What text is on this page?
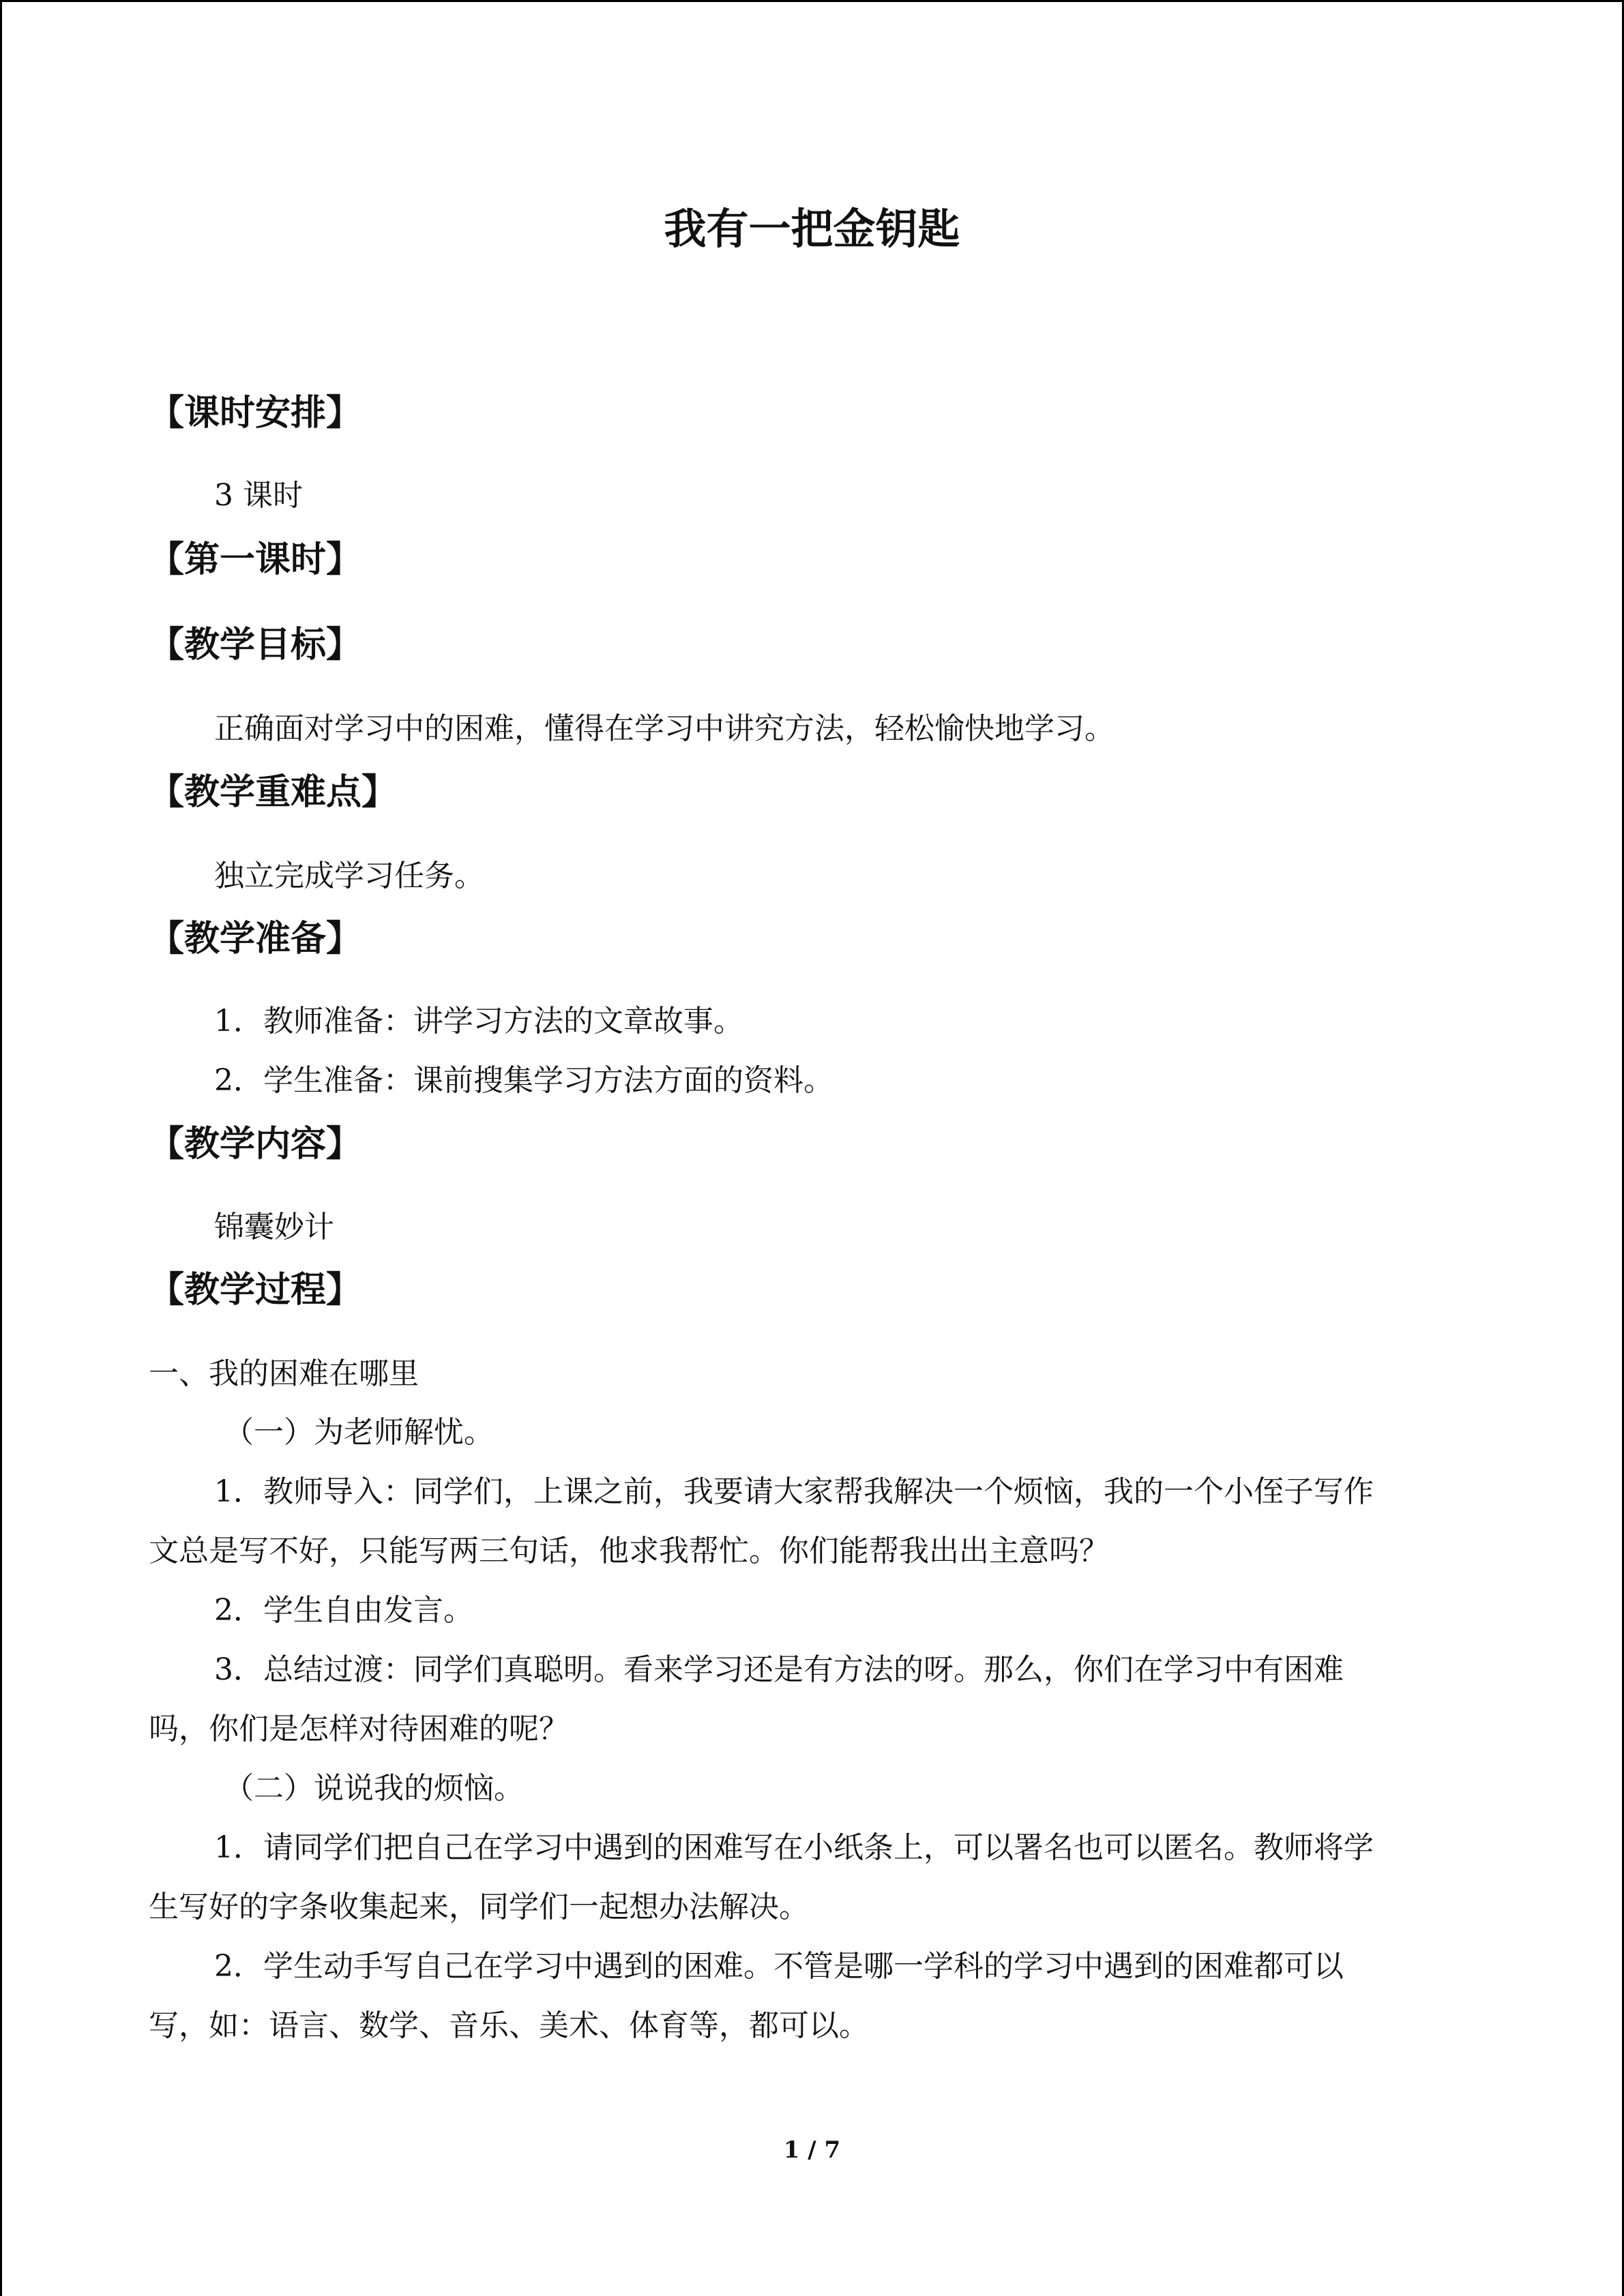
我有一把金钥匙
【课时安排】
3 课时
【第一课时】
【教学目标】
正确面对学习中的困难，懂得在学习中讲究方法，轻松愉快地学习。
【教学重难点】
独立完成学习任务。
【教学准备】
1．教师准备：讲学习方法的文章故事。
2．学生准备：课前搜集学习方法方面的资料。
【教学内容】
锦囊妙计
【教学过程】
一、我的困难在哪里
（一）为老师解忧。
1．教师导入：同学们，上课之前，我要请大家帮我解决一个烦恼，我的一个小侄子写作
文总是写不好，只能写两三句话，他求我帮忙。你们能帮我出出主意吗？
2．学生自由发言。
3．总结过渡：同学们真聪明。看来学习还是有方法的呀。那么，你们在学习中有困难
吗，你们是怎样对待困难的呢？
（二）说说我的烦恼。
1．请同学们把自己在学习中遇到的困难写在小纸条上，可以署名也可以匿名。教师将学
生写好的字条收集起来，同学们一起想办法解决。
2．学生动手写自己在学习中遇到的困难。不管是哪一学科的学习中遇到的困难都可以
写，如：语言、数学、音乐、美术、体育等，都可以。
1 / 7
